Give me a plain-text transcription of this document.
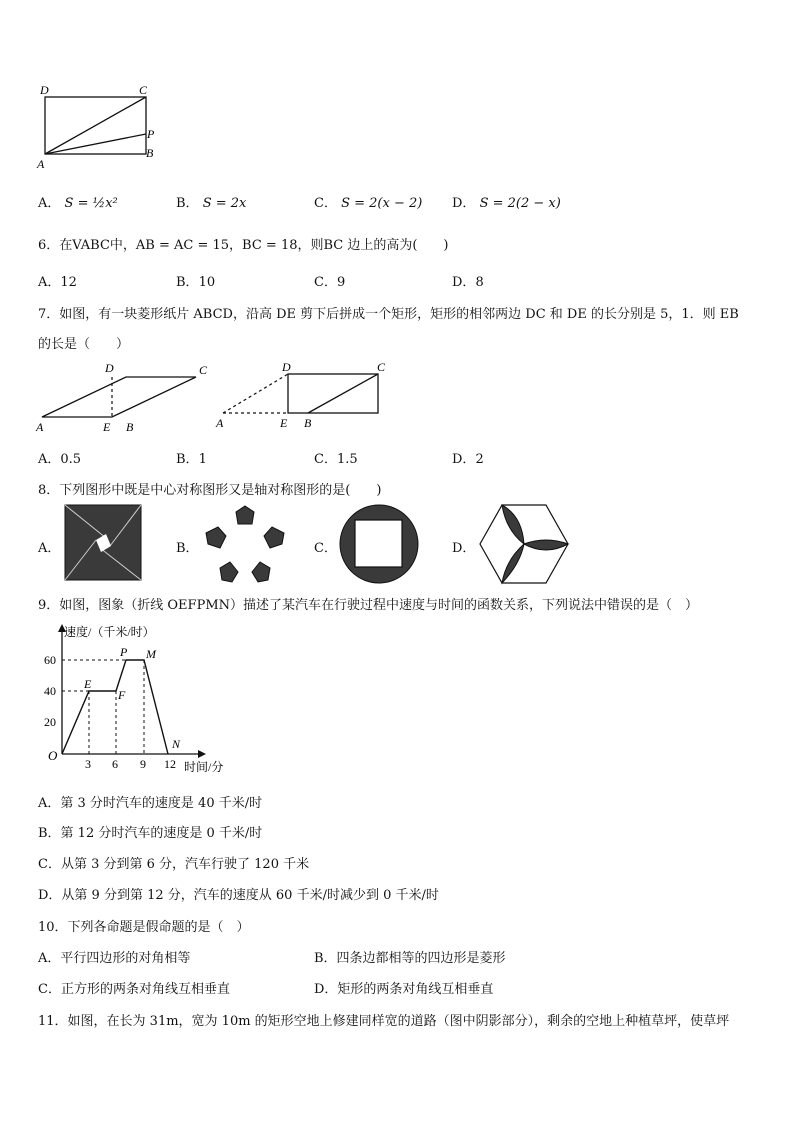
D	C
P
A
B
A． S = ½x²	B． S = 2x	C． S = 2(x − 2) D． S = 2(2 − x)
6．在VABC中，AB = AC = 15，BC = 18，则BC 边上的高为(　　)
A．12	B．10	C．9	D．8
7．如图，有一块菱形纸片 ABCD，沿高 DE 剪下后拼成一个矩形，矩形的相邻两边 DC 和 DE 的长分别是 5，1．则 EB
的长是（　　）
D	C
A	E B
D	C
A	E B
A．0.5	B．1	C．1.5	D．2
8．下列图形中既是中心对称图形又是轴对称图形的是(　　)
A．	B．	C．	D．
9．如图，图象（折线 OEFPMN）描述了某汽车在行驶过程中速度与时间的函数关系，下列说法中错误的是（　）
速度/（千米/时）
60
40
20
O
3 6 9 12 时间/分
E
F
P M
N
A．第 3 分时汽车的速度是 40 千米/时
B．第 12 分时汽车的速度是 0 千米/时
C．从第 3 分到第 6 分，汽车行驶了 120 千米
D．从第 9 分到第 12 分，汽车的速度从 60 千米/时减少到 0 千米/时
10．下列各命题是假命题的是（　）
A．平行四边形的对角相等	B．四条边都相等的四边形是菱形
C．正方形的两条对角线互相垂直	D．矩形的两条对角线互相垂直
11．如图，在长为 31m，宽为 10m 的矩形空地上修建同样宽的道路（图中阴影部分），剩余的空地上种植草坪，使草坪
